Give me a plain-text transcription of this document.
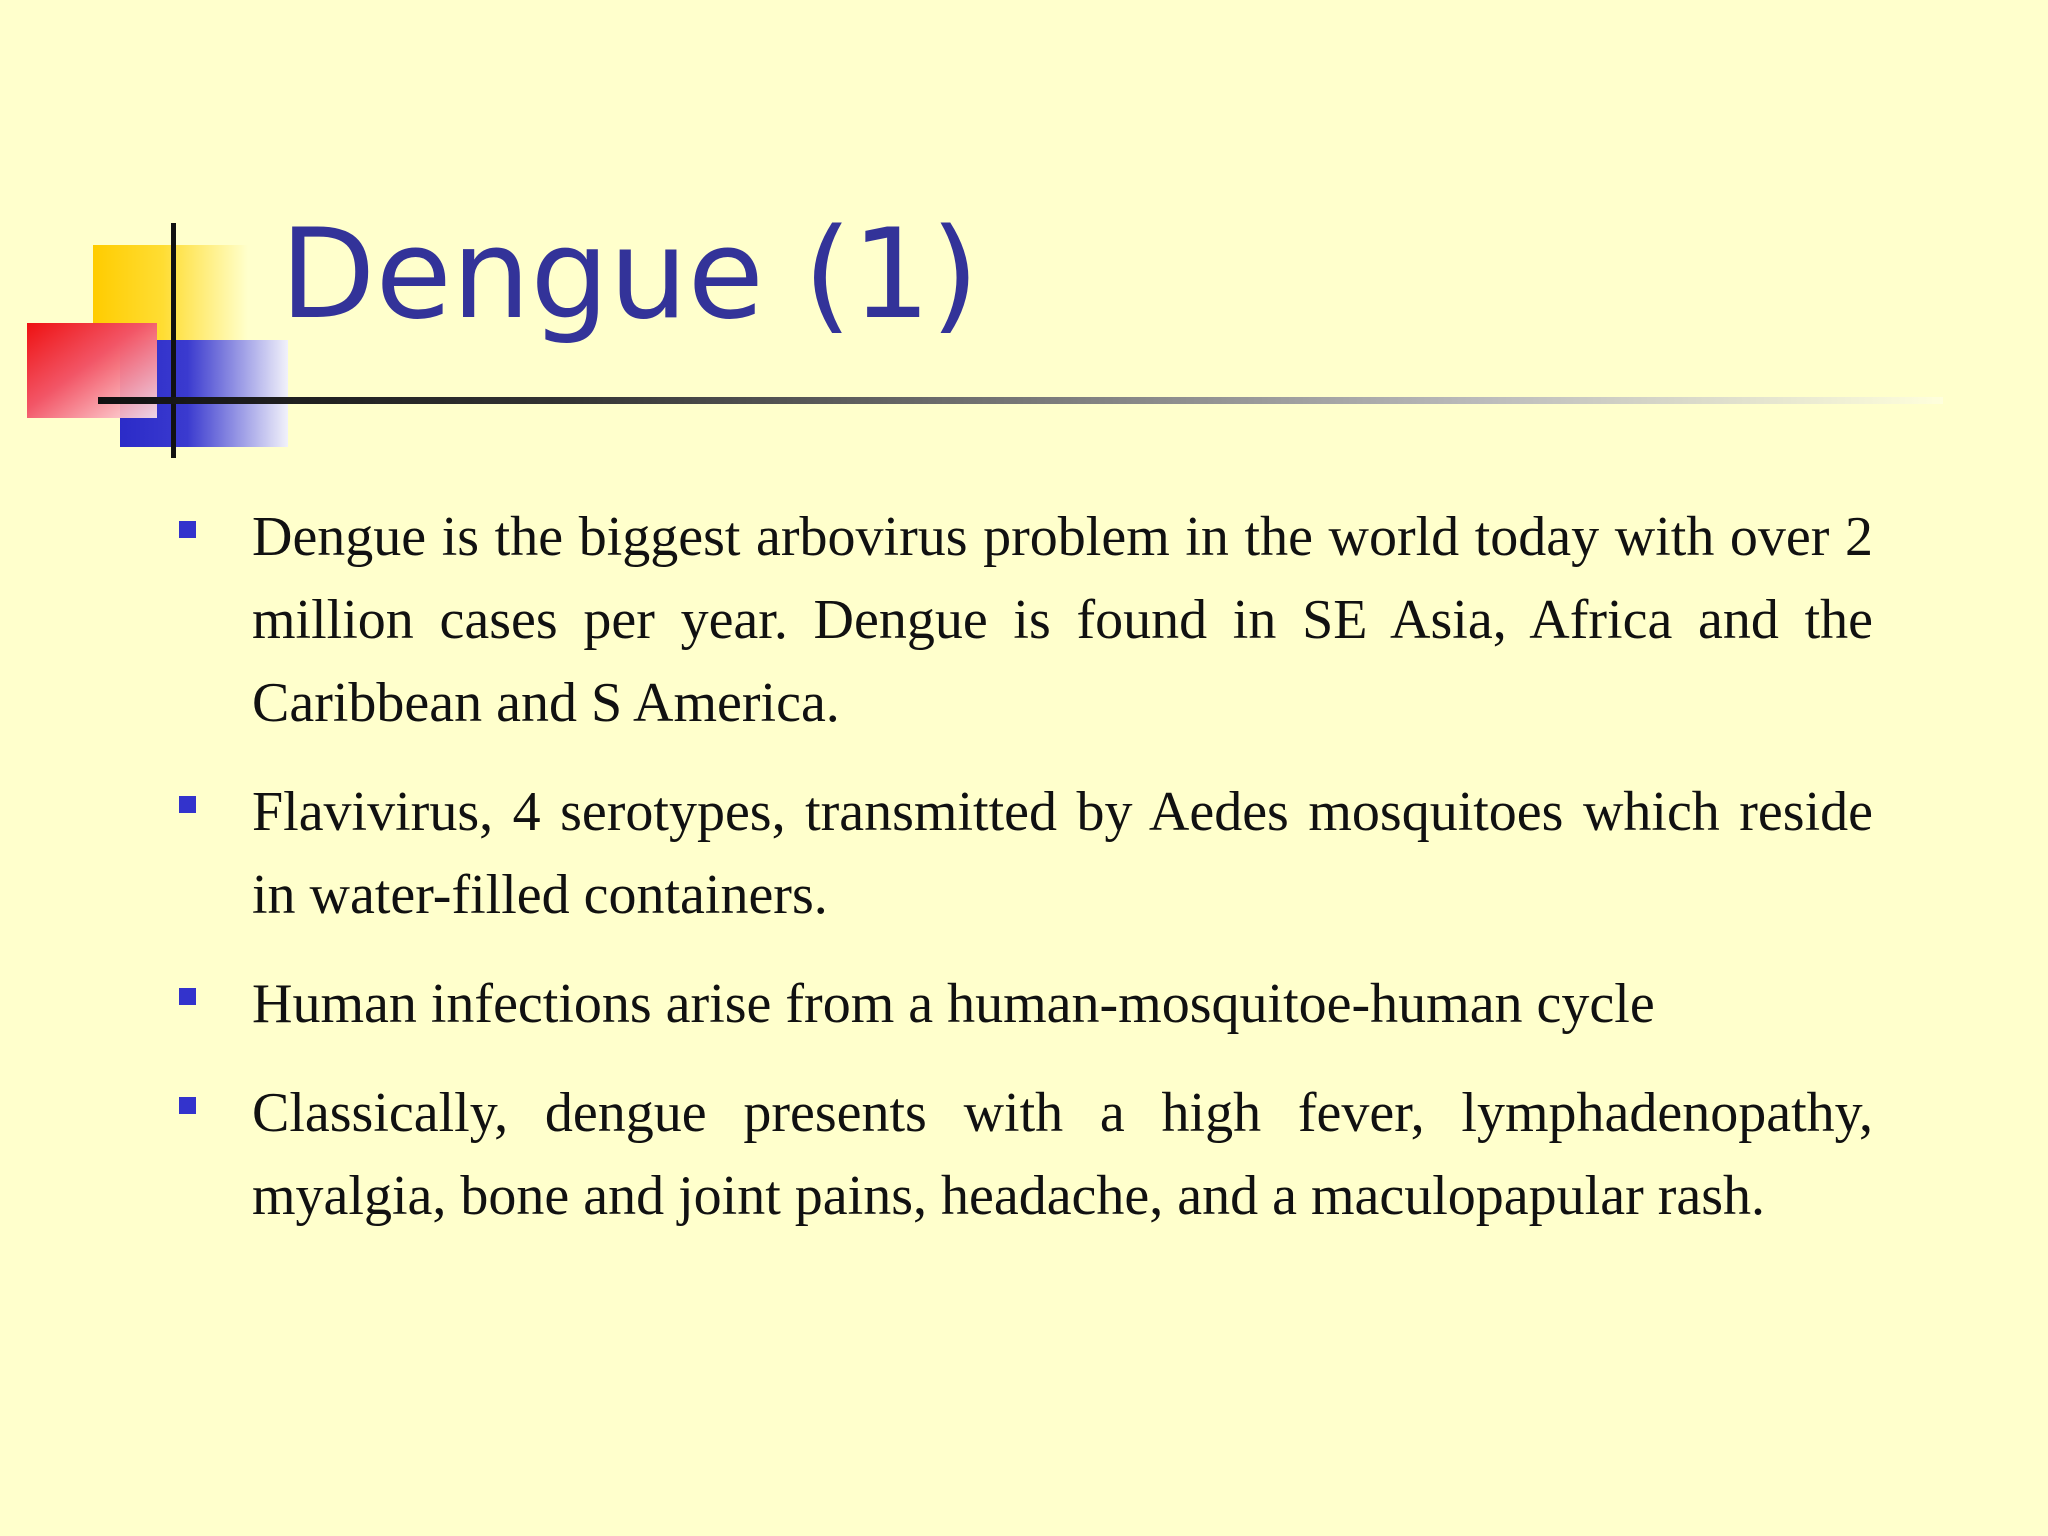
Dengue (1)
Dengue is the biggest arbovirus problem in the world today with over 2 million cases per year. Dengue is found in SE Asia, Africa and the Caribbean and S America.
Flavivirus, 4 serotypes, transmitted by Aedes mosquitoes which reside in water-filled containers.
Human infections arise from a human-mosquitoe-human cycle
Classically, dengue presents with a high fever, lymphadenopathy, myalgia, bone and joint pains, headache, and a maculopapular rash.
